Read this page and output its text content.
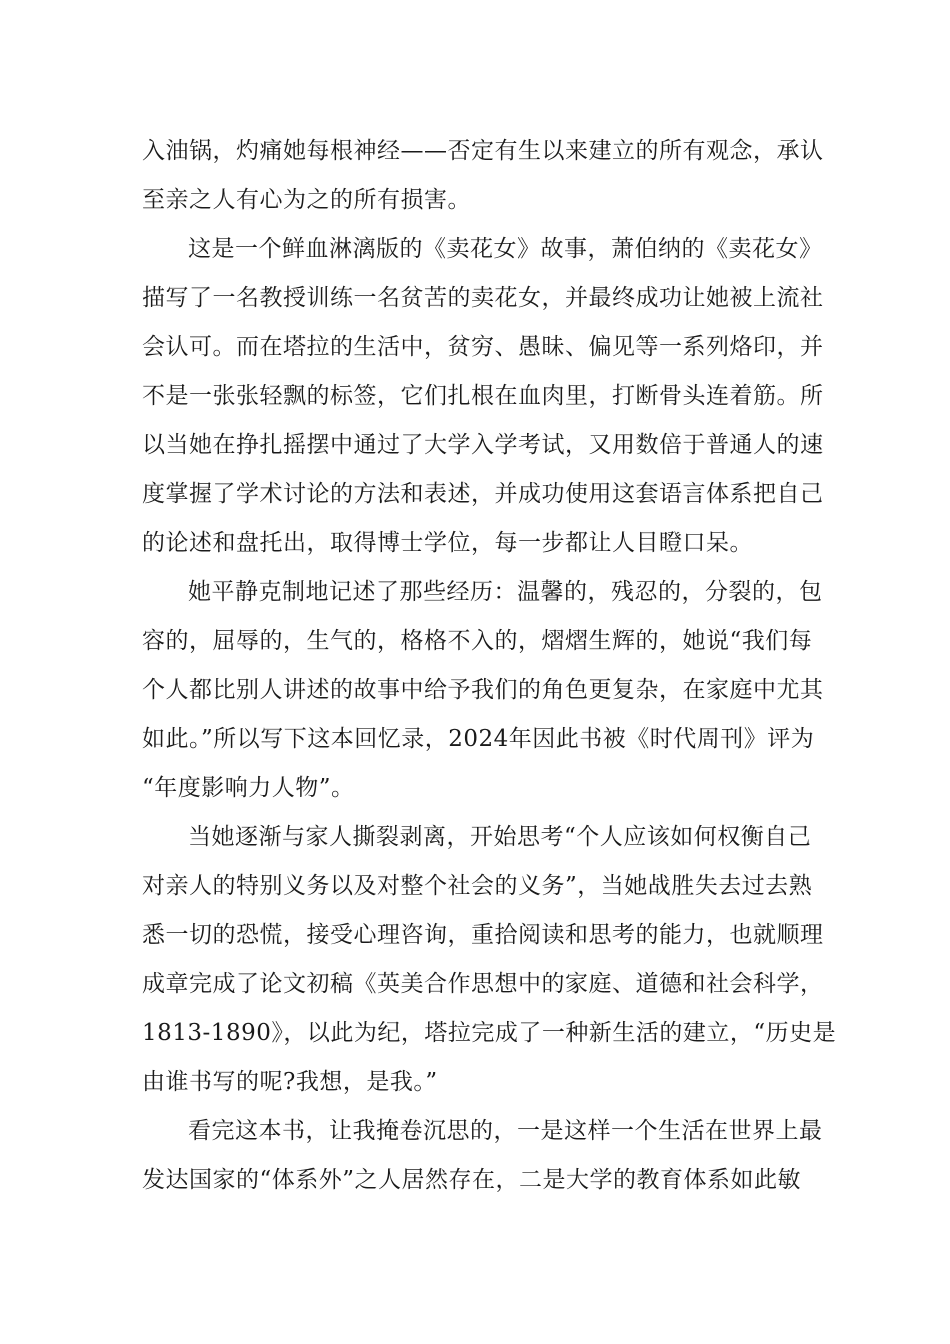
入油锅，灼痛她每根神经——否定有生以来建立的所有观念，承认
至亲之人有心为之的所有损害。
这是一个鲜血淋漓版的《卖花女》故事，萧伯纳的《卖花女》
描写了一名教授训练一名贫苦的卖花女，并最终成功让她被上流社
会认可。而在塔拉的生活中，贫穷、愚昧、偏见等一系列烙印，并
不是一张张轻飘的标签，它们扎根在血肉里，打断骨头连着筋。所
以当她在挣扎摇摆中通过了大学入学考试，又用数倍于普通人的速
度掌握了学术讨论的方法和表述，并成功使用这套语言体系把自己
的论述和盘托出，取得博士学位，每一步都让人目瞪口呆。
她平静克制地记述了那些经历：温馨的，残忍的，分裂的，包
容的，屈辱的，生气的，格格不入的，熠熠生辉的，她说“我们每
个人都比别人讲述的故事中给予我们的角色更复杂，在家庭中尤其
如此。”所以写下这本回忆录，2024年因此书被《时代周刊》评为
“年度影响力人物”。
当她逐渐与家人撕裂剥离，开始思考“个人应该如何权衡自己
对亲人的特别义务以及对整个社会的义务”，当她战胜失去过去熟
悉一切的恐慌，接受心理咨询，重拾阅读和思考的能力，也就顺理
成章完成了论文初稿《英美合作思想中的家庭、道德和社会科学，
1813-1890》，以此为纪，塔拉完成了一种新生活的建立，“历史是
由谁书写的呢?我想，是我。”
看完这本书，让我掩卷沉思的，一是这样一个生活在世界上最
发达国家的“体系外”之人居然存在，二是大学的教育体系如此敏
